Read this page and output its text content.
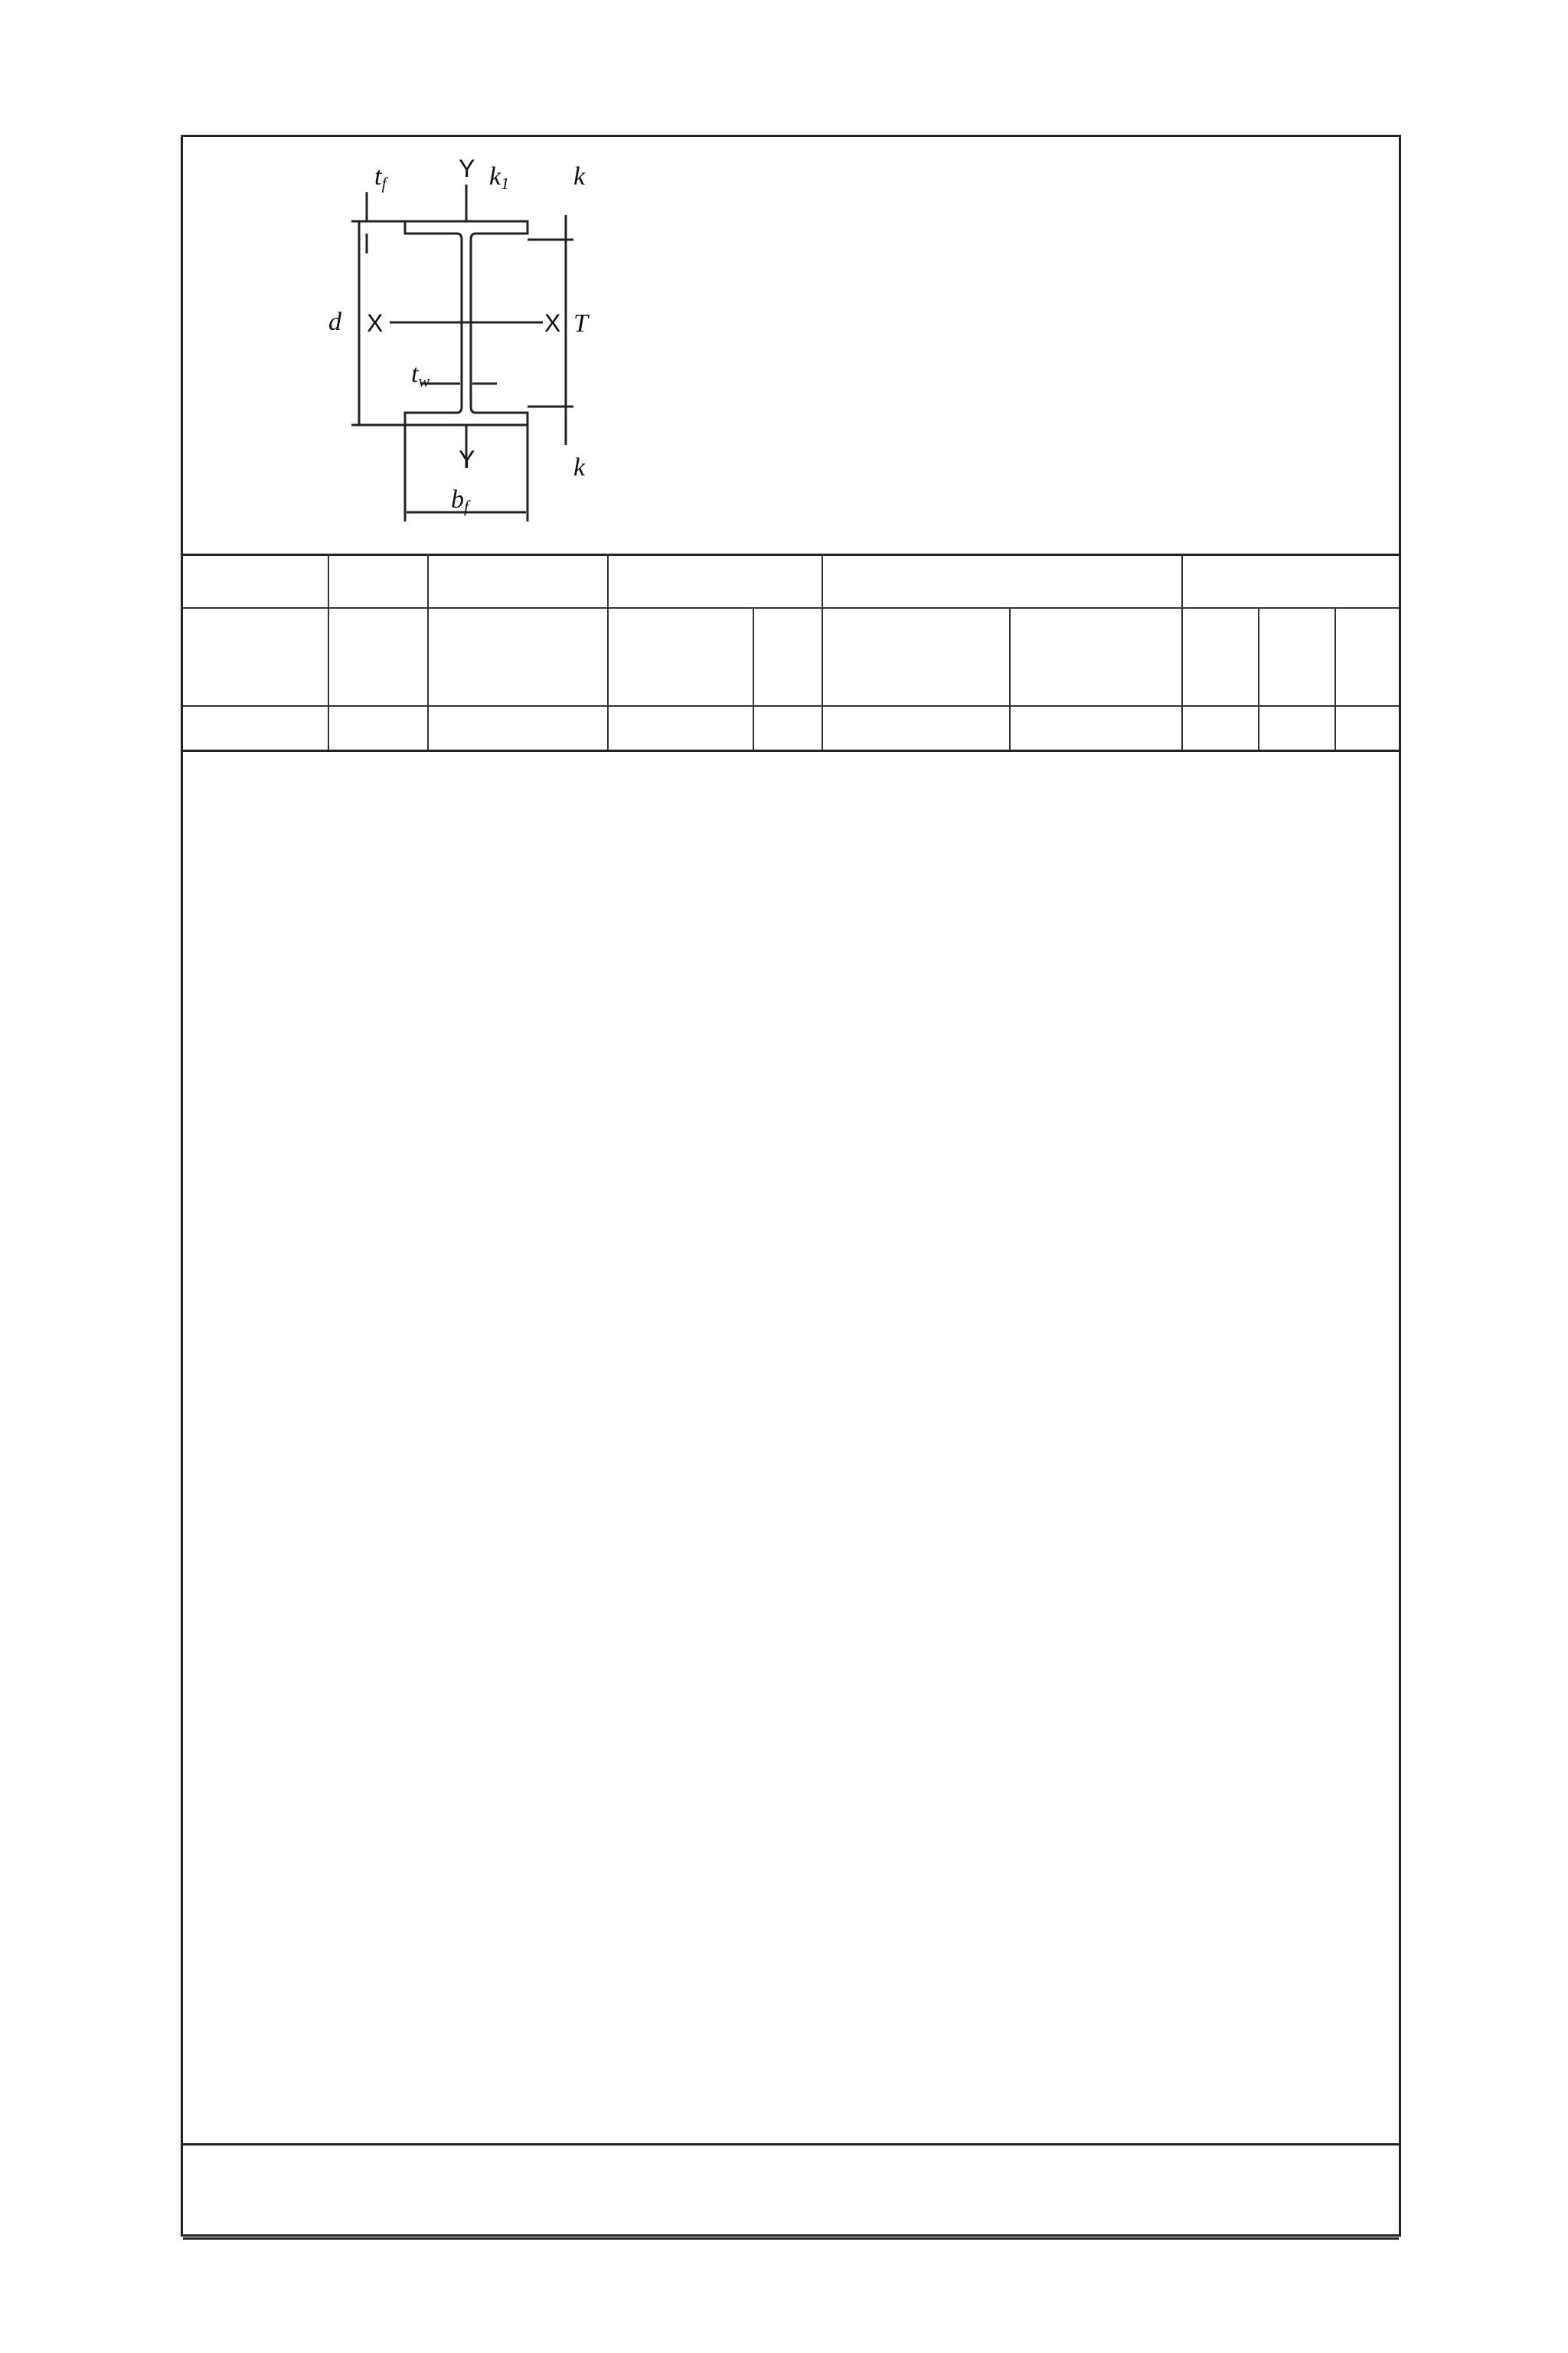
tf	k1 k
d	T
tw
k
bf
Y
X	X
Y
